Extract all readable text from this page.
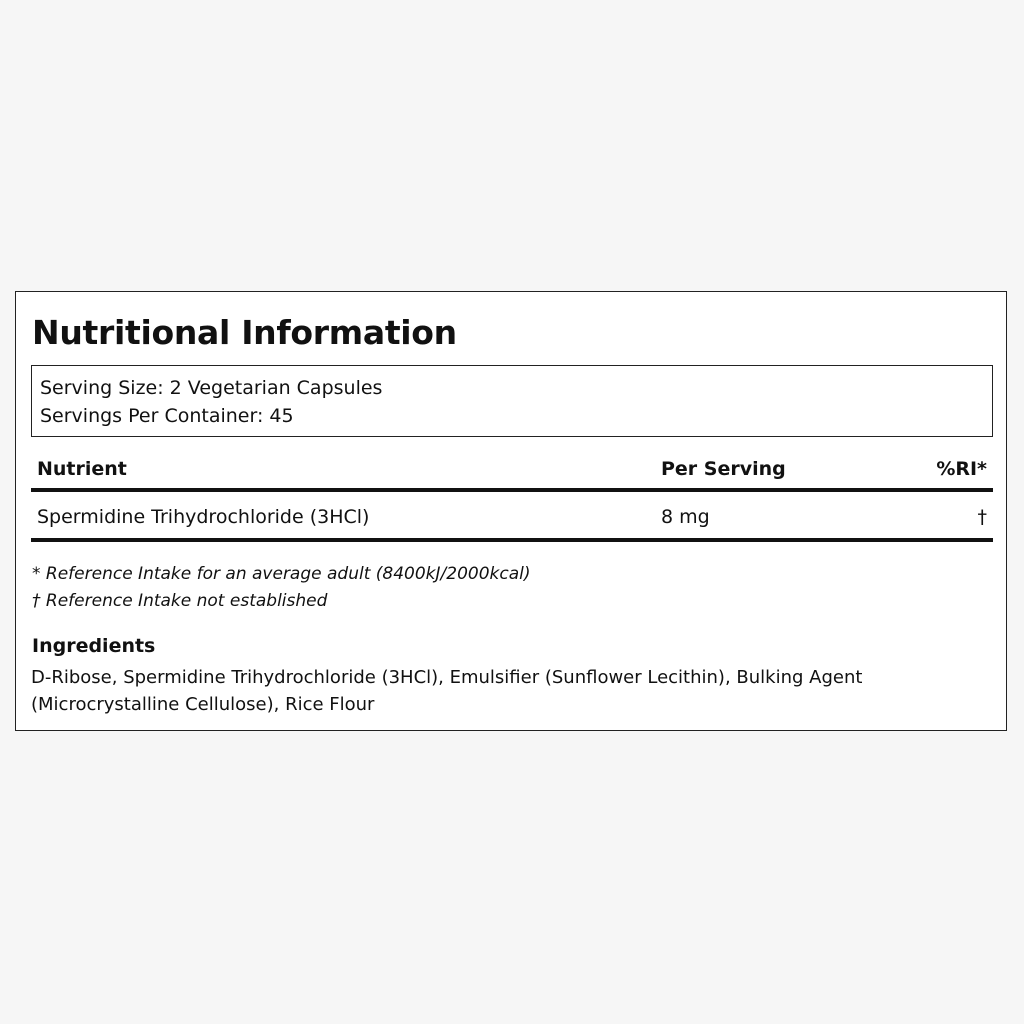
Nutritional Information
Serving Size: 2 Vegetarian Capsules
Servings Per Container: 45
Nutrient	Per Serving	%RI*
Spermidine Trihydrochloride (3HCl)	8 mg	†
* Reference Intake for an average adult (8400kJ/2000kcal)
† Reference Intake not established
Ingredients

D-Ribose, Spermidine Trihydrochloride (3HCl), Emulsifier (Sunflower Lecithin), Bulking Agent (Microcrystalline Cellulose), Rice Flour
